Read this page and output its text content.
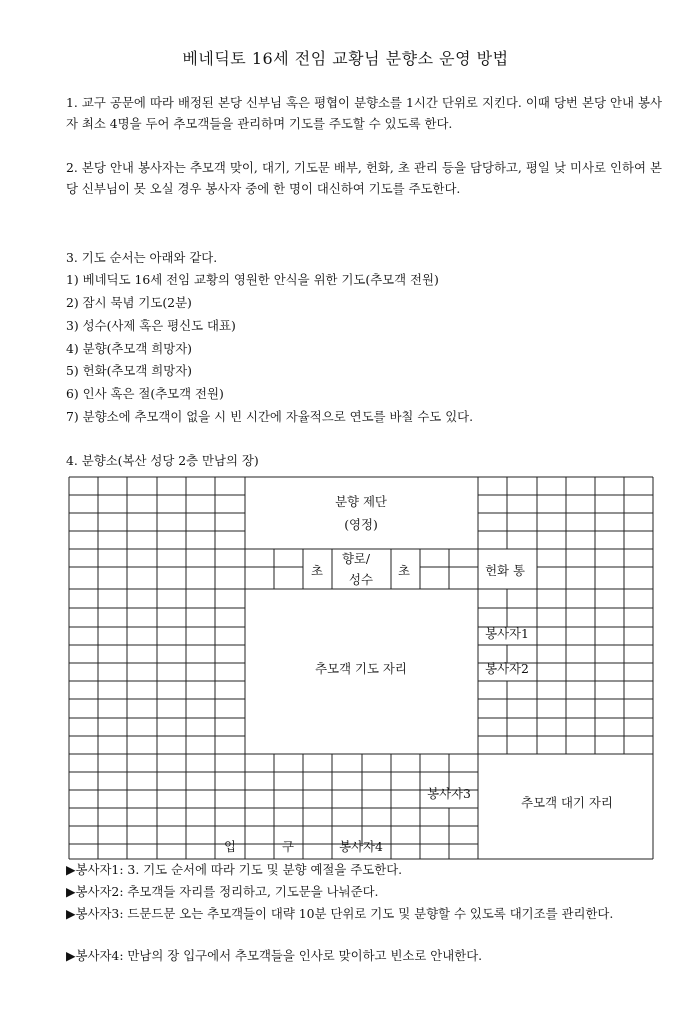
베네딕토 16세 전임 교황님 분향소 운영 방법
1. 교구 공문에 따라 배정된 본당 신부님 혹은 평협이 분향소를 1시간 단위로 지킨다. 이때 당번 본당 안내 봉사자 최소 4명을 두어 추모객들을 관리하며 기도를 주도할 수 있도록 한다.
2. 본당 안내 봉사자는 추모객 맞이, 대기, 기도문 배부, 헌화, 초 관리 등을 담당하고, 평일 낮 미사로 인하여 본당 신부님이 못 오실 경우 봉사자 중에 한 명이 대신하여 기도를 주도한다.
3. 기도 순서는 아래와 같다.
1) 베네딕도 16세 전임 교황의 영원한 안식을 위한 기도(추모객 전원)
2) 잠시 묵념 기도(2분)
3) 성수(사제 혹은 평신도 대표)
4) 분향(추모객 희망자)
5) 헌화(추모객 희망자)
6) 인사 혹은 절(추모객 전원)
7) 분향소에 추모객이 없을 시 빈 시간에 자율적으로 연도를 바칠 수도 있다.
4. 분향소(복산 성당 2층 만남의 장)
분향 제단
(영정)
초
향로/
성수
초	헌화 통
봉사자1
봉사자2
추모객 기도 자리
봉사자3
추모객 대기 자리
입	구	봉사자4
▶봉사자1: 3. 기도 순서에 따라 기도 및 분향 예절을 주도한다.
▶봉사자2: 추모객들 자리를 정리하고, 기도문을 나눠준다.
▶봉사자3: 드문드문 오는 추모객들이 대략 10분 단위로 기도 및 분향할 수 있도록 대기조를 관리한다.
▶봉사자4: 만남의 장 입구에서 추모객들을 인사로 맞이하고 빈소로 안내한다.
